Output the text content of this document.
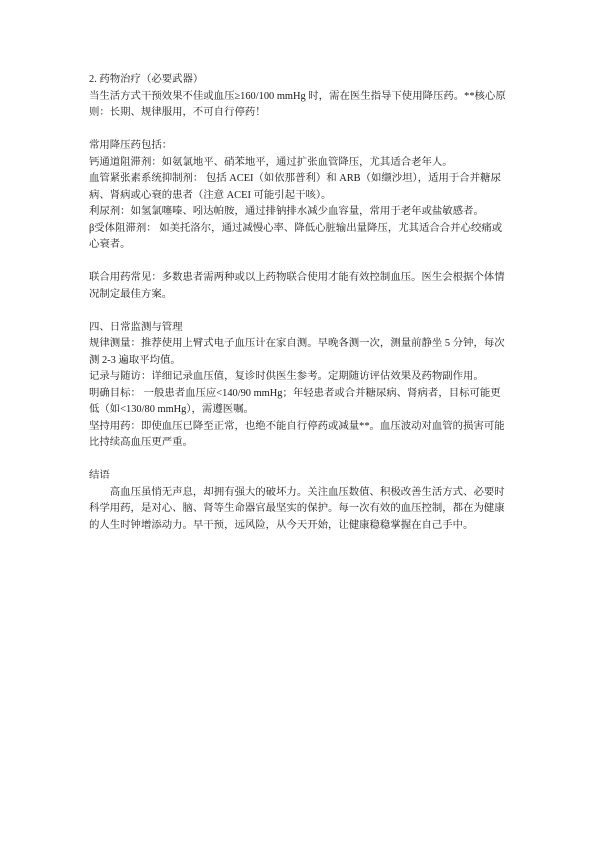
2. 药物治疗（必要武器）

当生活方式干预效果不佳或血压≥160/100 mmHg 时，需在医生指导下使用降压药。**核心原

则：长期、规律服用，不可自行停药！

常用降压药包括：

钙通道阻滞剂：如氨氯地平、硝苯地平，通过扩张血管降压，尤其适合老年人。

血管紧张素系统抑制剂： 包括 ACEI（如依那普利）和 ARB（如缬沙坦），适用于合并糖尿

病、肾病或心衰的患者（注意 ACEI 可能引起干咳）。

利尿剂：如氢氯噻嗪、吲达帕胺，通过排钠排水减少血容量，常用于老年或盐敏感者。

β受体阻滞剂： 如美托洛尔，通过减慢心率、降低心脏输出量降压，尤其适合合并心绞痛或

心衰者。

联合用药常见：多数患者需两种或以上药物联合使用才能有效控制血压。医生会根据个体情

况制定最佳方案。

四、日常监测与管理

规律测量：推荐使用上臂式电子血压计在家自测。早晚各测一次，测量前静坐 5 分钟，每次

测 2-3 遍取平均值。

记录与随访：详细记录血压值，复诊时供医生参考。定期随访评估效果及药物副作用。

明确目标： 一般患者血压应<140/90 mmHg；年轻患者或合并糖尿病、肾病者，目标可能更

低（如<130/80 mmHg），需遵医嘱。

坚持用药：即使血压已降至正常，也绝不能自行停药或减量**。血压波动对血管的损害可能

比持续高血压更严重。

结语

高血压虽悄无声息，却拥有强大的破坏力。关注血压数值、积极改善生活方式、必要时

科学用药，是对心、脑、肾等生命器官最坚实的保护。每一次有效的血压控制，都在为健康

的人生时钟增添动力。早干预，远风险，从今天开始，让健康稳稳掌握在自己手中。
